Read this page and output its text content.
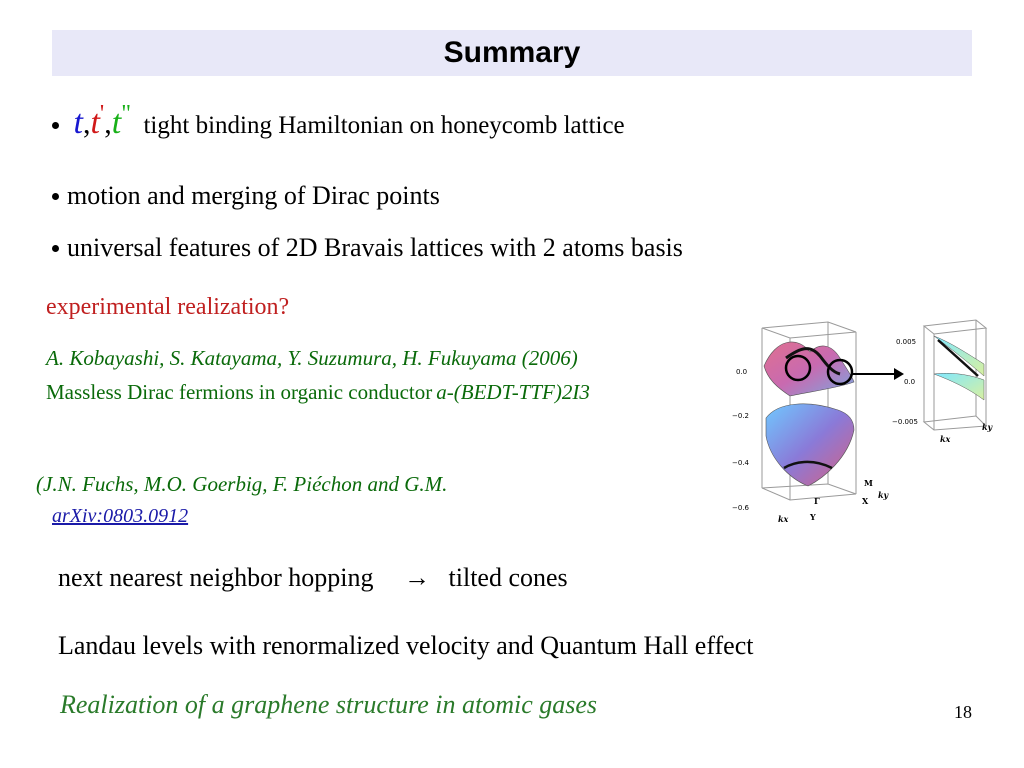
Summary
t,t',t" tight binding Hamiltonian on honeycomb lattice
motion and merging of Dirac points
universal features of 2D Bravais lattices with 2 atoms basis
experimental realization?
A. Kobayashi, S. Katayama, Y. Suzumura, H. Fukuyama (2006)
Massless Dirac fermions in organic conductor a-(BEDT-TTF)2I3
(J.N. Fuchs, M.O. Goerbig, F. Piéchon and G.M.
arXiv:0803.0912
0.0
−0.2
−0.4
−0.6
0.005
0.0
−0.005
kx	Y
Γ	X
M
ky
kx
ky
next nearest neighbor hopping → tilted cones
Landau levels with renormalized velocity and Quantum Hall effect
Realization of a graphene structure in atomic gases	18
